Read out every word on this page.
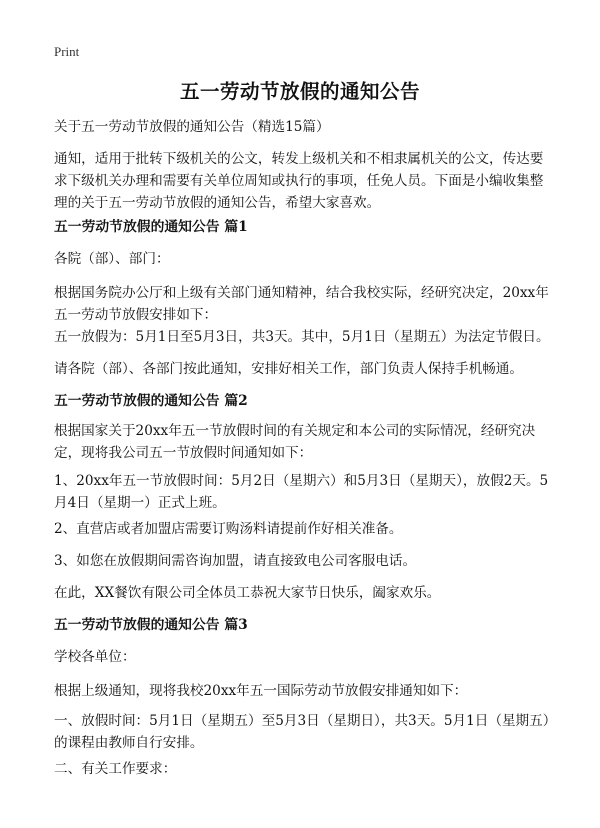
Print
五一劳动节放假的通知公告

关于五一劳动节放假的通知公告（精选15篇）

通知，适用于批转下级机关的公文，转发上级机关和不相隶属机关的公文，传达要求下级机关办理和需要有关单位周知或执行的事项，任免人员。下面是小编收集整理的关于五一劳动节放假的通知公告，希望大家喜欢。

五一劳动节放假的通知公告 篇1

各院（部）、部门：

根据国务院办公厅和上级有关部门通知精神，结合我校实际，经研究决定，20xx年五一劳动节放假安排如下：

五一放假为：5月1日至5月3日，共3天。其中，5月1日（星期五）为法定节假日。

请各院（部）、各部门按此通知，安排好相关工作，部门负责人保持手机畅通。

五一劳动节放假的通知公告 篇2

根据国家关于20xx年五一节放假时间的有关规定和本公司的实际情况，经研究决定，现将我公司五一节放假时间通知如下：

1、20xx年五一节放假时间：5月2日（星期六）和5月3日（星期天），放假2天。5月4日（星期一）正式上班。

2、直营店或者加盟店需要订购汤料请提前作好相关准备。

3、如您在放假期间需咨询加盟，请直接致电公司客服电话。

在此，XX餐饮有限公司全体员工恭祝大家节日快乐，阖家欢乐。

五一劳动节放假的通知公告 篇3

学校各单位：

根据上级通知，现将我校20xx年五一国际劳动节放假安排通知如下：

一、放假时间：5月1日（星期五）至5月3日（星期日），共3天。5月1日（星期五）的课程由教师自行安排。

二、有关工作要求：
